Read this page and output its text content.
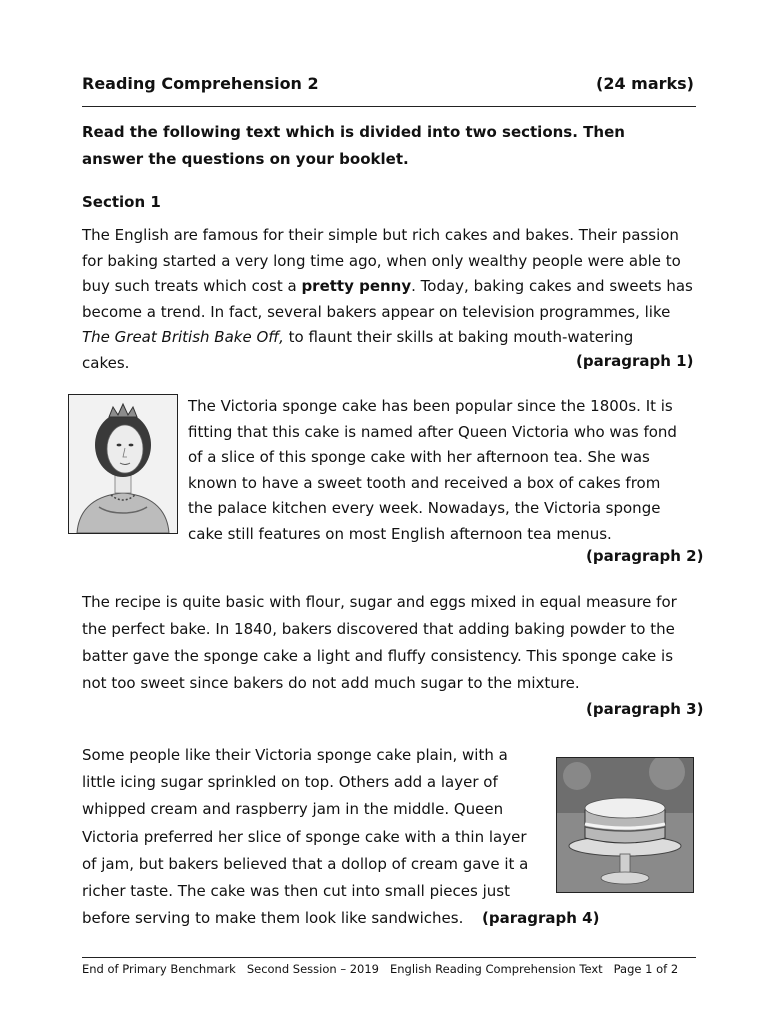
Reading Comprehension 2	(24 marks)
Read the following text which is divided into two sections. Then answer the questions on your booklet.
Section 1

The English are famous for their simple but rich cakes and bakes. Their passion

for baking started a very long time ago, when only wealthy people were able to

buy such treats which cost a pretty penny. Today, baking cakes and sweets has

become a trend. In fact, several bakers appear on television programmes, like

The Great British Bake Off, to flaunt their skills at baking mouth-watering

cakes.	(paragraph 1)

The Victoria sponge cake has been popular since the 1800s. It is

fitting that this cake is named after Queen Victoria who was fond

of a slice of this sponge cake with her afternoon tea. She was

known to have a sweet tooth and received a box of cakes from

the palace kitchen every week. Nowadays, the Victoria sponge

cake still features on most English afternoon tea menus.

(paragraph 2)

The recipe is quite basic with flour, sugar and eggs mixed in equal measure for

the perfect bake. In 1840, bakers discovered that adding baking powder to the

batter gave the sponge cake a light and fluffy consistency. This sponge cake is

not too sweet since bakers do not add much sugar to the mixture.

(paragraph 3)

Some people like their Victoria sponge cake plain, with a

little icing sugar sprinkled on top. Others add a layer of

whipped cream and raspberry jam in the middle. Queen

Victoria preferred her slice of sponge cake with a thin layer

of jam, but bakers believed that a dollop of cream gave it a

richer taste. The cake was then cut into small pieces just

before serving to make them look like sandwiches.	(paragraph 4)
End of Primary Benchmark   Second Session – 2019   English Reading Comprehension Text   Page 1 of 2
